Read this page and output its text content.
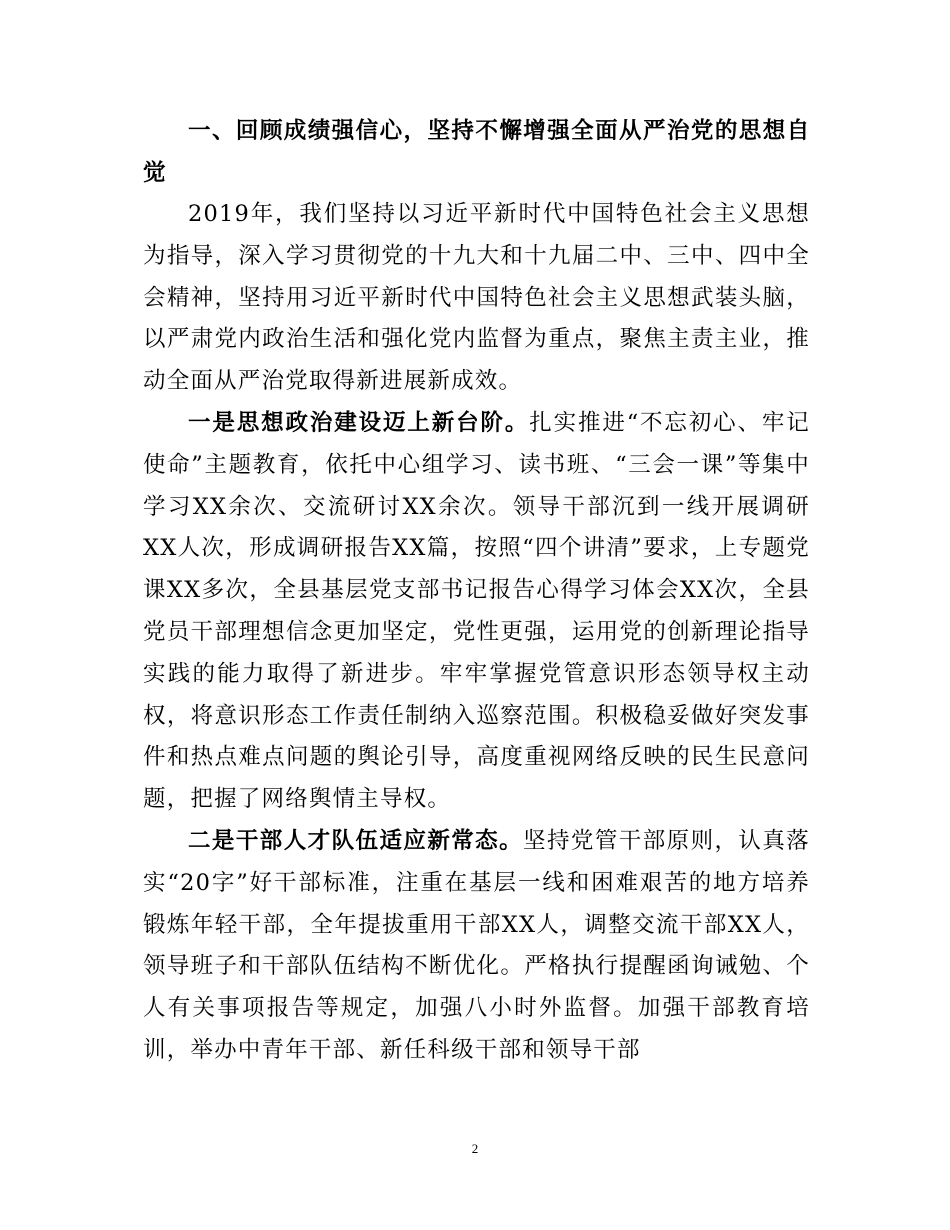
一、回顾成绩强信心，坚持不懈增强全面从严治党的思想自觉

2019年，我们坚持以习近平新时代中国特色社会主义思想为指导，深入学习贯彻党的十九大和十九届二中、三中、四中全会精神，坚持用习近平新时代中国特色社会主义思想武装头脑，以严肃党内政治生活和强化党内监督为重点，聚焦主责主业，推动全面从严治党取得新进展新成效。

一是思想政治建设迈上新台阶。扎实推进“不忘初心、牢记使命”主题教育，依托中心组学习、读书班、“三会一课”等集中学习XX余次、交流研讨XX余次。领导干部沉到一线开展调研XX人次，形成调研报告XX篇，按照“四个讲清”要求，上专题党课XX多次，全县基层党支部书记报告心得学习体会XX次，全县党员干部理想信念更加坚定，党性更强，运用党的创新理论指导实践的能力取得了新进步。牢牢掌握党管意识形态领导权主动权，将意识形态工作责任制纳入巡察范围。积极稳妥做好突发事件和热点难点问题的舆论引导，高度重视网络反映的民生民意问题，把握了网络舆情主导权。

二是干部人才队伍适应新常态。坚持党管干部原则，认真落实“20字”好干部标准，注重在基层一线和困难艰苦的地方培养锻炼年轻干部，全年提拔重用干部XX人，调整交流干部XX人，领导班子和干部队伍结构不断优化。严格执行提醒函询诫勉、个人有关事项报告等规定，加强八小时外监督。加强干部教育培训，举办中青年干部、新任科级干部和领导干部

2
